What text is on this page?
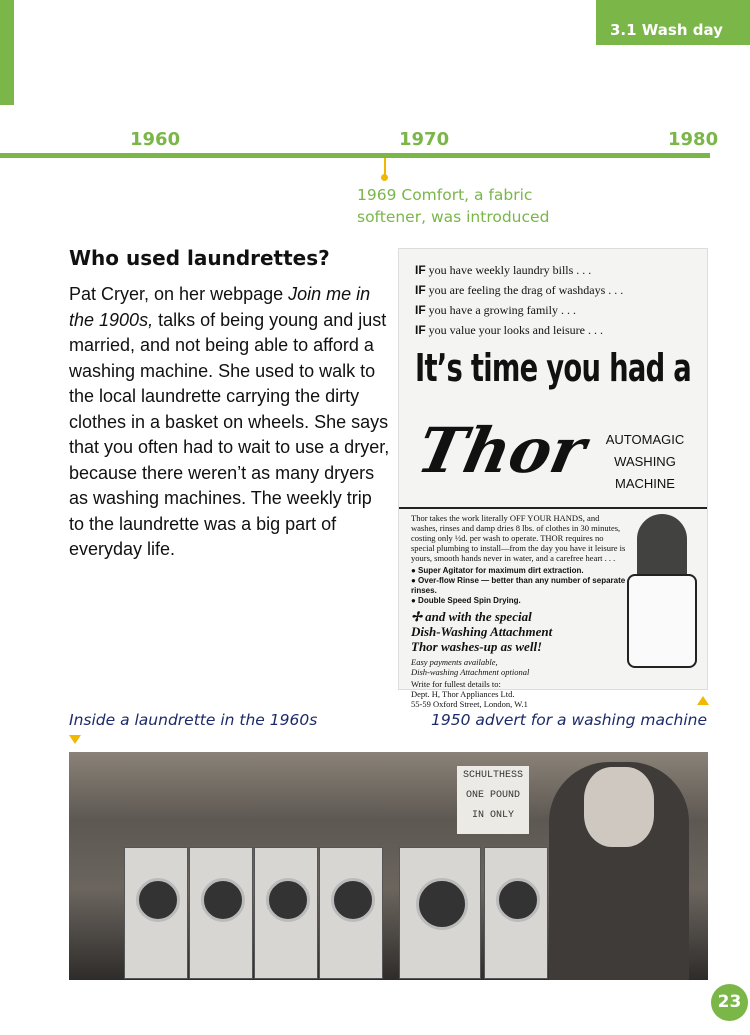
3.1 Wash day
1960	1970	1980
1969 Comfort, a fabric softener, was introduced
Who used laundrettes?
Pat Cryer, on her webpage Join me in the 1900s, talks of being young and just married, and not being able to afford a washing machine. She used to walk to the local laundrette carrying the dirty clothes in a basket on wheels. She says that you often had to wait to use a dryer, because there weren’t as many dryers as washing machines. The weekly trip to the laundrette was a big part of everyday life.
IF you have weekly laundry bills . . .
IF you are feeling the drag of washdays . . .
IF you have a growing family . . .
IF you value your looks and leisure . . .
It’s time you had a
Thor	AUTOMAGIC
WASHING
MACHINE
Thor takes the work literally OFF YOUR HANDS, and washes, rinses and damp dries 8 lbs. of clothes in 30 minutes, costing only ½d. per wash to operate. THOR requires no special plumbing to install—from the day you have it leisure is yours, smooth hands never in water, and a carefree heart . . .
● Super Agitator for maximum dirt extraction.
● Over-flow Rinse — better than any number of separate rinses.
● Double Speed Spin Drying.
✢ and with the special
Dish-Washing Attachment
Thor washes-up as well!
Easy payments available,
Dish-washing Attachment optional
Write for fullest details to:
Dept. H, Thor Appliances Ltd.
55-59 Oxford Street, London, W.1
Inside a laundrette in the 1960s	1950 advert for a washing machine
SCHULTHESS
ONE POUND
IN ONLY
23
